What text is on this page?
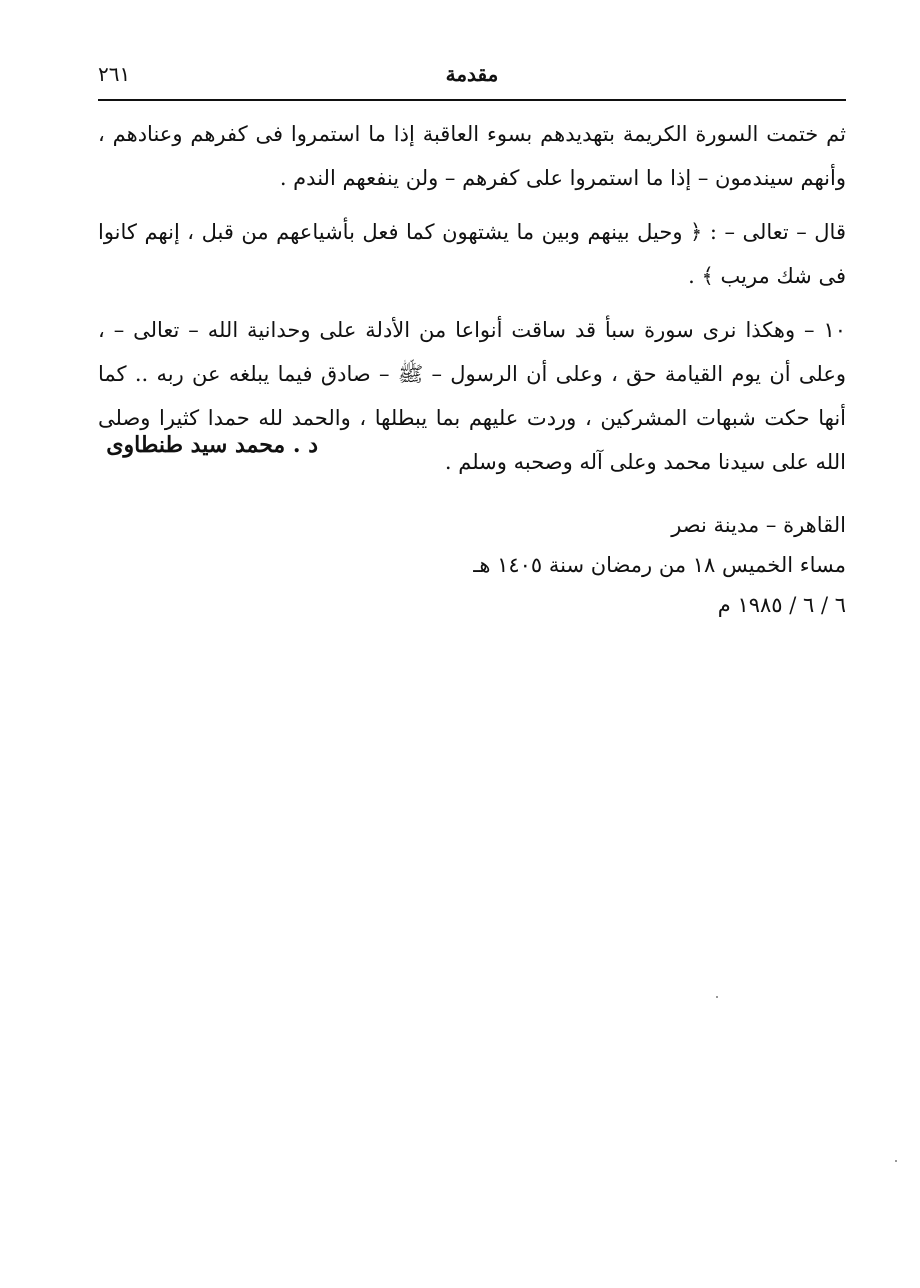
٢٦١	مقدمة

ثم ختمت السورة الكريمة بتهديدهم بسوء العاقبة إذا ما استمروا فى كفرهم وعنادهم ، وأنهم سيندمون – إذا ما استمروا على كفرهم – ولن ينفعهم الندم .

قال – تعالى – : ﴿ وحيل بينهم وبين ما يشتهون كما فعل بأشياعهم من قبل ، إنهم كانوا فى شك مريب ﴾ .

١٠ – وهكذا نرى سورة سبأ قد ساقت أنواعا من الأدلة على وحدانية الله – تعالى – ، وعلى أن يوم القيامة حق ، وعلى أن الرسول – ﷺ – صادق فيما يبلغه عن ربه .. كما أنها حكت شبهات المشركين ، وردت عليهم بما يبطلها ، والحمد لله حمدا كثيرا وصلى الله على سيدنا محمد وعلى آله وصحبه وسلم .

د . محمد سيد طنطاوى
القاهرة – مدينة نصر
مساء الخميس ١٨ من رمضان سنة ١٤٠٥ هـ
٦ / ٦ / ١٩٨٥ م
